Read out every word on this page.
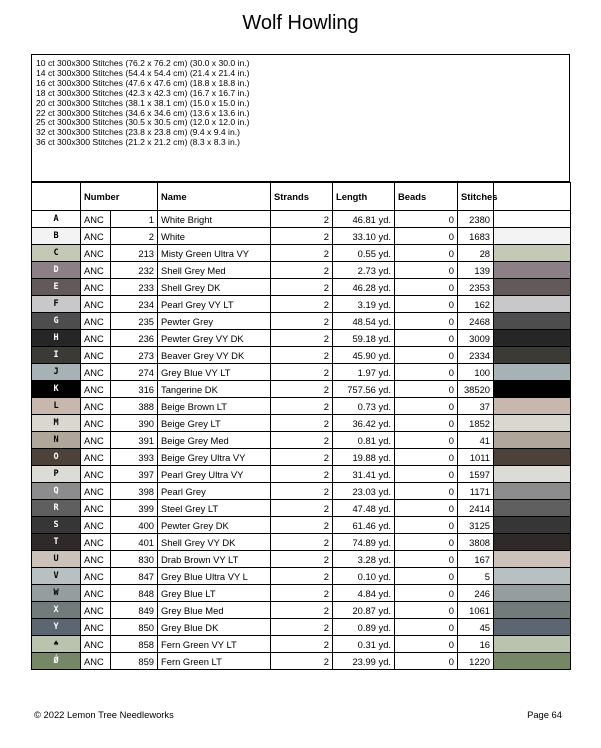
Wolf Howling
10 ct 300x300 Stitches (76.2 x 76.2 cm) (30.0 x 30.0 in.)
14 ct 300x300 Stitches (54.4 x 54.4 cm) (21.4 x 21.4 in.)
16 ct 300x300 Stitches (47.6 x 47.6 cm) (18.8 x 18.8 in.)
18 ct 300x300 Stitches (42.3 x 42.3 cm) (16.7 x 16.7 in.)
20 ct 300x300 Stitches (38.1 x 38.1 cm) (15.0 x 15.0 in.)
22 ct 300x300 Stitches (34.6 x 34.6 cm) (13.6 x 13.6 in.)
25 ct 300x300 Stitches (30.5 x 30.5 cm) (12.0 x 12.0 in.)
32 ct 300x300 Stitches (23.8 x 23.8 cm) (9.4 x 9.4 in.)
36 ct 300x300 Stitches (21.2 x 21.2 cm) (8.3 x 8.3 in.)
	Number		Name	Strands	Length	Beads	Stitches	
A	ANC	1	White Bright	2	46.81 yd.	0	2380	
B	ANC	2	White	2	33.10 yd.	0	1683	
C	ANC	213	Misty Green Ultra VY	2	0.55 yd.	0	28	
D	ANC	232	Shell Grey Med	2	2.73 yd.	0	139	
E	ANC	233	Shell Grey DK	2	46.28 yd.	0	2353	
F	ANC	234	Pearl Grey VY LT	2	3.19 yd.	0	162	
G	ANC	235	Pewter Grey	2	48.54 yd.	0	2468	
H	ANC	236	Pewter Grey VY DK	2	59.18 yd.	0	3009	
I	ANC	273	Beaver Grey VY DK	2	45.90 yd.	0	2334	
J	ANC	274	Grey Blue VY LT	2	1.97 yd.	0	100	
K	ANC	316	Tangerine DK	2	757.56 yd.	0	38520	
L	ANC	388	Beige Brown LT	2	0.73 yd.	0	37	
M	ANC	390	Beige Grey LT	2	36.42 yd.	0	1852	
N	ANC	391	Beige Grey Med	2	0.81 yd.	0	41	
O	ANC	393	Beige Grey Ultra VY	2	19.88 yd.	0	1011	
P	ANC	397	Pearl Grey Ultra VY	2	31.41 yd.	0	1597	
Q	ANC	398	Pearl Grey	2	23.03 yd.	0	1171	
R	ANC	399	Steel Grey LT	2	47.48 yd.	0	2414	
S	ANC	400	Pewter Grey DK	2	61.46 yd.	0	3125	
T	ANC	401	Shell Grey VY DK	2	74.89 yd.	0	3808	
U	ANC	830	Drab Brown VY LT	2	3.28 yd.	0	167	
V	ANC	847	Grey Blue Ultra VY L	2	0.10 yd.	0	5	
W	ANC	848	Grey Blue LT	2	4.84 yd.	0	246	
X	ANC	849	Grey Blue Med	2	20.87 yd.	0	1061	
Y	ANC	850	Grey Blue DK	2	0.89 yd.	0	45	
♠	ANC	858	Fern Green VY LT	2	0.31 yd.	0	16	
Ǿ	ANC	859	Fern Green LT	2	23.99 yd.	0	1220	
© 2022 Lemon Tree Needleworks	Page 64
